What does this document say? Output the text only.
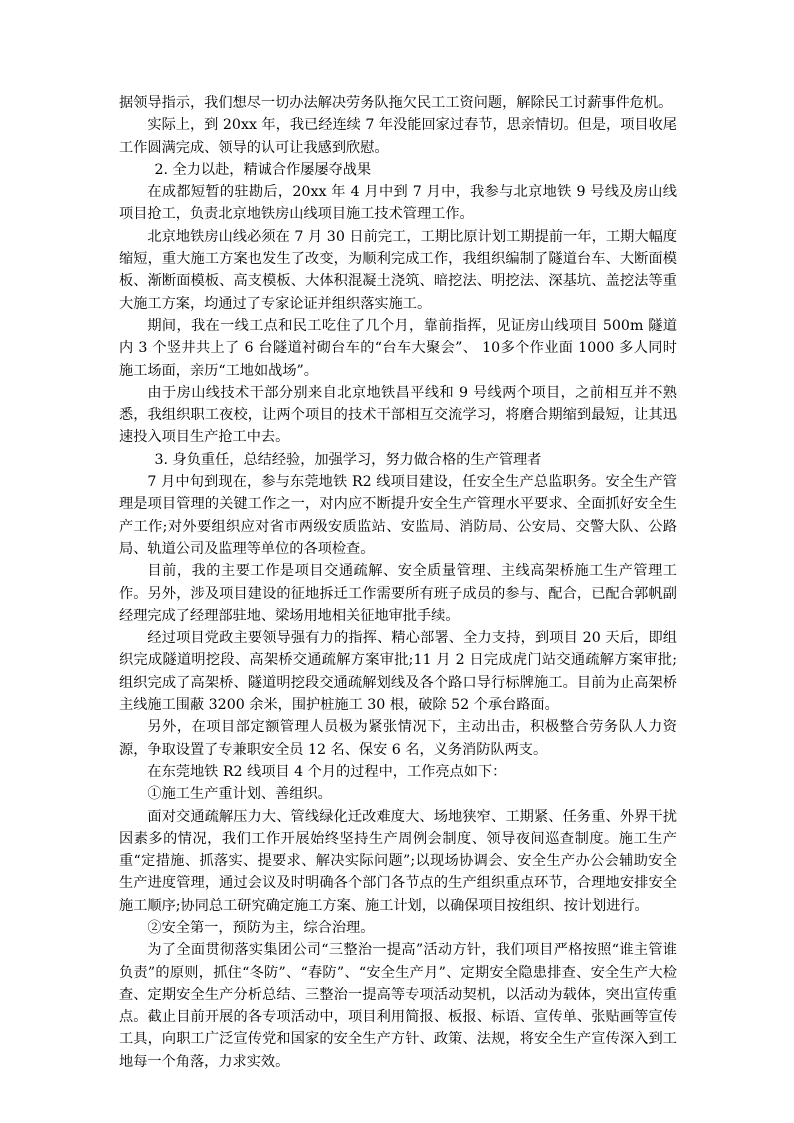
据领导指示，我们想尽一切办法解决劳务队拖欠民工工资问题，解除民工讨薪事件危机。

实际上，到 20xx 年，我已经连续 7 年没能回家过春节，思亲情切。但是，项目收尾工作圆满完成、领导的认可让我感到欣慰。

2. 全力以赴，精诚合作屡屡夺战果

在成都短暂的驻勘后，20xx 年 4 月中到 7 月中，我参与北京地铁 9 号线及房山线项目抢工，负责北京地铁房山线项目施工技术管理工作。

北京地铁房山线必须在 7 月 30 日前完工，工期比原计划工期提前一年，工期大幅度缩短，重大施工方案也发生了改变，为顺利完成工作，我组织编制了隧道台车、大断面模板、渐断面模板、高支模板、大体积混凝土浇筑、暗挖法、明挖法、深基坑、盖挖法等重大施工方案，均通过了专家论证并组织落实施工。

期间，我在一线工点和民工吃住了几个月，靠前指挥，见证房山线项目 500m 隧道内 3 个竖井共上了 6 台隧道衬砌台车的“台车大聚会”、 10多个作业面 1000 多人同时施工场面，亲历“工地如战场”。

由于房山线技术干部分别来自北京地铁昌平线和 9 号线两个项目，之前相互并不熟悉，我组织职工夜校，让两个项目的技术干部相互交流学习，将磨合期缩到最短，让其迅速投入项目生产抢工中去。

3. 身负重任，总结经验，加强学习，努力做合格的生产管理者

7 月中旬到现在，参与东莞地铁 R2 线项目建设，任安全生产总监职务。安全生产管理是项目管理的关键工作之一，对内应不断提升安全生产管理水平要求、全面抓好安全生产工作;对外要组织应对省市两级安质监站、安监局、消防局、公安局、交警大队、公路局、轨道公司及监理等单位的各项检查。

目前，我的主要工作是项目交通疏解、安全质量管理、主线高架桥施工生产管理工作。另外，涉及项目建设的征地拆迁工作需要所有班子成员的参与、配合，已配合郭帆副经理完成了经理部驻地、梁场用地相关征地审批手续。

经过项目党政主要领导强有力的指挥、精心部署、全力支持，到项目 20 天后，即组织完成隧道明挖段、高架桥交通疏解方案审批;11 月 2 日完成虎门站交通疏解方案审批;组织完成了高架桥、隧道明挖段交通疏解划线及各个路口导行标牌施工。目前为止高架桥主线施工围蔽 3200 余米，围护桩施工 30 根，破除 52 个承台路面。

另外，在项目部定额管理人员极为紧张情况下，主动出击，积极整合劳务队人力资源，争取设置了专兼职安全员 12 名、保安 6 名，义务消防队两支。

在东莞地铁 R2 线项目 4 个月的过程中，工作亮点如下：

①施工生产重计划、善组织。

面对交通疏解压力大、管线绿化迁改难度大、场地狭窄、工期紧、任务重、外界干扰因素多的情况，我们工作开展始终坚持生产周例会制度、领导夜间巡查制度。施工生产重“定措施、抓落实、提要求、解决实际问题”;以现场协调会、安全生产办公会辅助安全生产进度管理，通过会议及时明确各个部门各节点的生产组织重点环节，合理地安排安全施工顺序;协同总工研究确定施工方案、施工计划，以确保项目按组织、按计划进行。

②安全第一，预防为主，综合治理。

为了全面贯彻落实集团公司“三整治一提高”活动方针，我们项目严格按照“谁主管谁负责”的原则，抓住“冬防”、“春防”、“安全生产月”、定期安全隐患排查、安全生产大检查、定期安全生产分析总结、三整治一提高等专项活动契机，以活动为载体，突出宣传重点。截止目前开展的各专项活动中，项目利用简报、板报、标语、宣传单、张贴画等宣传工具，向职工广泛宣传党和国家的安全生产方针、政策、法规，将安全生产宣传深入到工地每一个角落，力求实效。
